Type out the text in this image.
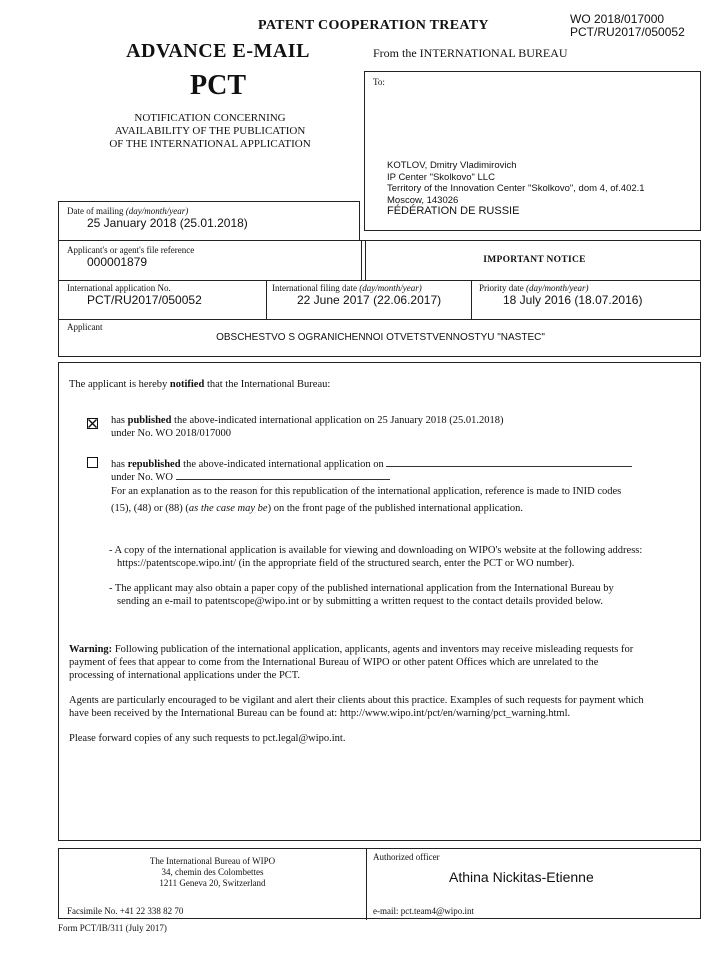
PATENT COOPERATION TREATY	WO 2018/017000
PCT/RU2017/050052
ADVANCE E-MAIL
PCT
From the INTERNATIONAL BUREAU
NOTIFICATION CONCERNING
AVAILABILITY OF THE PUBLICATION
OF THE INTERNATIONAL APPLICATION
To:
KOTLOV, Dmitry Vladimirovich
IP Center "Skolkovo" LLC
Territory of the Innovation Center "Skolkovo", dom 4, of.402.1
Moscow, 143026
FÉDÉRATION DE RUSSIE
Date of mailing (day/month/year)
25 January 2018 (25.01.2018)
Applicant's or agent's file reference
000001879	IMPORTANT NOTICE
International application No.
PCT/RU2017/050052
International filing date (day/month/year)
22 June 2017 (22.06.2017)
Priority date (day/month/year)
18 July 2016 (18.07.2016)
Applicant
OBSCHESTVO S OGRANICHENNOI OTVETSTVENNOSTYU "NASTEC"
The applicant is hereby notified that the International Bureau:
has published the above-indicated international application on 25 January 2018 (25.01.2018)
under No. WO 2018/017000
has republished the above-indicated international application on
under No. WO
For an explanation as to the reason for this republication of the international application, reference is made to INID codes
(15), (48) or (88) (as the case may be) on the front page of the published international application.
- A copy of the international application is available for viewing and downloading on WIPO's website at the following address:
https://patentscope.wipo.int/ (in the appropriate field of the structured search, enter the PCT or WO number).
- The applicant may also obtain a paper copy of the published international application from the International Bureau by
sending an e-mail to patentscope@wipo.int or by submitting a written request to the contact details provided below.
Warning: Following publication of the international application, applicants, agents and inventors may receive misleading requests for
payment of fees that appear to come from the International Bureau of WIPO or other patent Offices which are unrelated to the
processing of international applications under the PCT.
Agents are particularly encouraged to be vigilant and alert their clients about this practice. Examples of such requests for payment which
have been received by the International Bureau can be found at: http://www.wipo.int/pct/en/warning/pct_warning.html.
Please forward copies of any such requests to pct.legal@wipo.int.
The International Bureau of WIPO
34, chemin des Colombettes
1211 Geneva 20, Switzerland
Facsimile No. +41 22 338 82 70
Authorized officer
Athina Nickitas-Etienne
e-mail: pct.team4@wipo.int
Form PCT/IB/311 (July 2017)
